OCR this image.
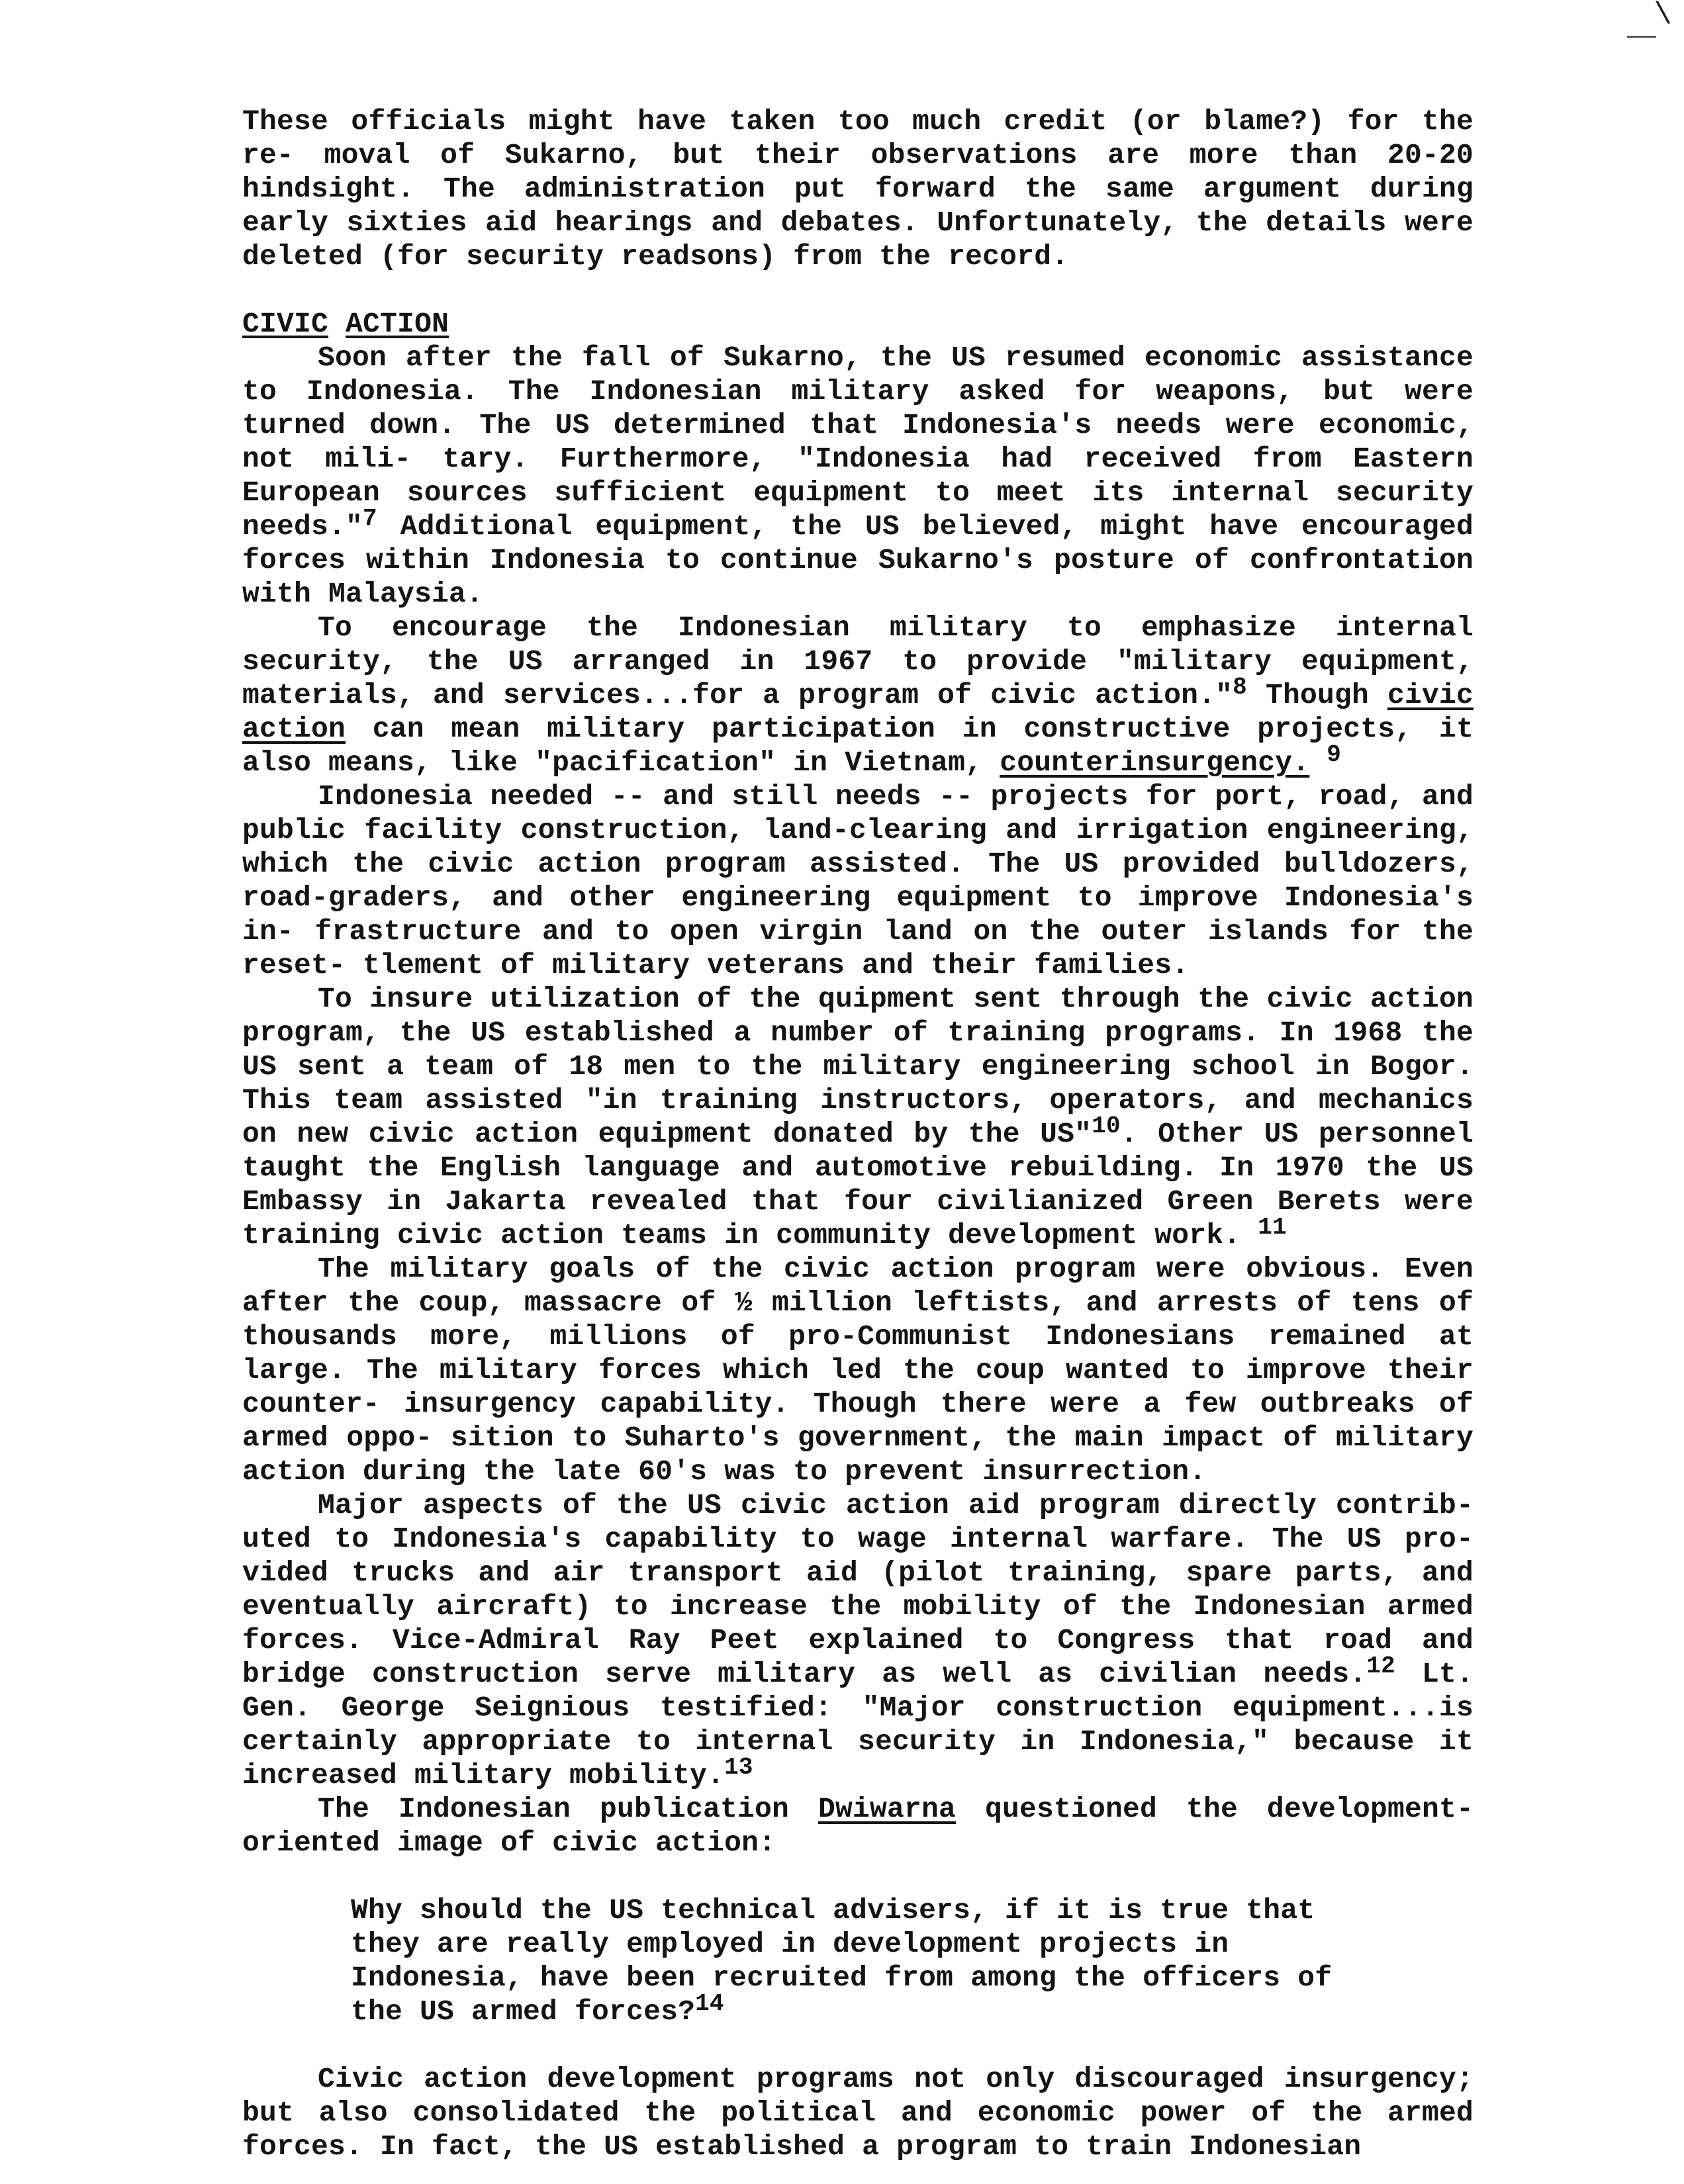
\

These officials might have taken too much credit (or blame?) for the re- moval of Sukarno, but their observations are more than 20-20 hindsight. The administration put forward the same argument during early sixties aid hearings and debates. Unfortunately, the details were deleted (for security readsons) from the record.

CIVIC ACTION

Soon after the fall of Sukarno, the US resumed economic assistance to Indonesia. The Indonesian military asked for weapons, but were turned down. The US determined that Indonesia's needs were economic, not mili- tary. Furthermore, "Indonesia had received from Eastern European sources sufficient equipment to meet its internal security needs."$^7$ Additional equipment, the US believed, might have encouraged forces within Indonesia to continue Sukarno's posture of confrontation with Malaysia.

To encourage the Indonesian military to emphasize internal security, the US arranged in 1967 to provide "military equipment, materials, and services...for a program of civic action."$^8$ Though civic action can mean military participation in constructive projects, it also means, like "pacification" in Vietnam, counterinsurgency. $^9$

Indonesia needed -- and still needs -- projects for port, road, and public facility construction, land-clearing and irrigation engineering, which the civic action program assisted. The US provided bulldozers, road-graders, and other engineering equipment to improve Indonesia's in- frastructure and to open virgin land on the outer islands for the reset- tlement of military veterans and their families.

To insure utilization of the quipment sent through the civic action program, the US established a number of training programs. In 1968 the US sent a team of 18 men to the military engineering school in Bogor. This team assisted "in training instructors, operators, and mechanics on new civic action equipment donated by the US"$^{10}$. Other US personnel taught the English language and automotive rebuilding. In 1970 the US Embassy in Jakarta revealed that four civilianized Green Berets were training civic action teams in community development work. $^{11}$

The military goals of the civic action program were obvious. Even after the coup, massacre of ½ million leftists, and arrests of tens of thousands more, millions of pro-Communist Indonesians remained at large. The military forces which led the coup wanted to improve their counter- insurgency capability. Though there were a few outbreaks of armed oppo- sition to Suharto's government, the main impact of military action during the late 60's was to prevent insurrection.

Major aspects of the US civic action aid program directly contrib- uted to Indonesia's capability to wage internal warfare. The US pro- vided trucks and air transport aid (pilot training, spare parts, and eventually aircraft) to increase the mobility of the Indonesian armed forces. Vice-Admiral Ray Peet explained to Congress that road and bridge construction serve military as well as civilian needs.$^{12}$ Lt. Gen. George Seignious testified: "Major construction equipment...is certainly appropriate to internal security in Indonesia," because it increased military mobility.$^{13}$

The Indonesian publication Dwiwarna questioned the development- oriented image of civic action:

Why should the US technical advisers, if it is true that they are really employed in development projects in Indonesia, have been recruited from among the officers of the US armed forces?$^{14}$

Civic action development programs not only discouraged insurgency; but also consolidated the political and economic power of the armed forces. In fact, the US established a program to train Indonesian
